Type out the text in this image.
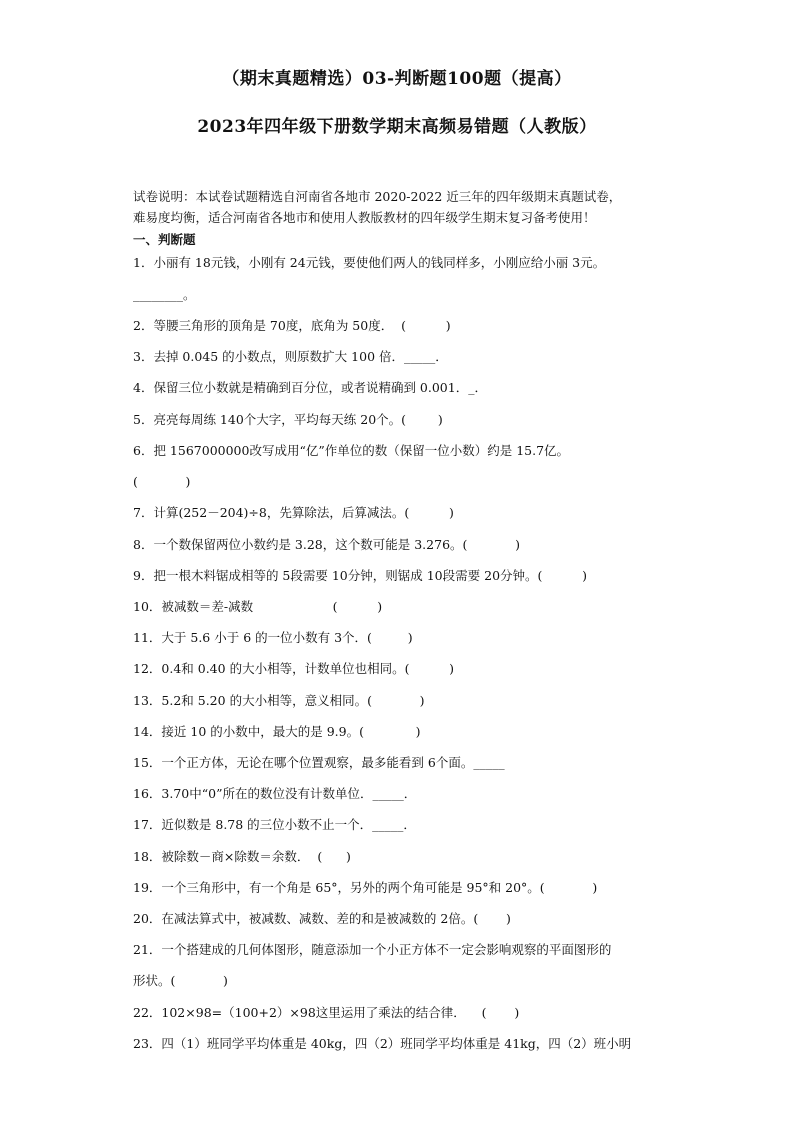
（期末真题精选）03-判断题100题（提高）
2023年四年级下册数学期末高频易错题（人教版）
试卷说明：本试卷试题精选自河南省各地市 2020-2022 近三年的四年级期末真题试卷，
难易度均衡，适合河南省各地市和使用人教版教材的四年级学生期末复习备考使用！
一、判断题
1．小丽有 18元钱，小刚有 24元钱，要使他们两人的钱同样多，小刚应给小丽 3元。
________。
2．等腰三角形的顶角是 70度，底角为 50度．  (          )
3．去掉 0.045 的小数点，则原数扩大 100 倍．_____．
4．保留三位小数就是精确到百分位，或者说精确到 0.001．_．
5．亮亮每周练 140个大字，平均每天练 20个。(        )
6．把 1567000000改写成用“亿”作单位的数（保留一位小数）约是 15.7亿。
(            )
7．计算(252－204)÷8，先算除法，后算减法。(          )
8．一个数保留两位小数约是 3.28，这个数可能是 3.276。(            )
9．把一根木料锯成相等的 5段需要 10分钟，则锯成 10段需要 20分钟。(          )
10．被减数＝差-减数                    (          )
11．大于 5.6 小于 6 的一位小数有 3个．(         )
12．0.4和 0.40 的大小相等，计数单位也相同。(          )
13．5.2和 5.20 的大小相等，意义相同。(            )
14．接近 10 的小数中，最大的是 9.9。(             )
15．一个正方体，无论在哪个位置观察，最多能看到 6个面。_____
16．3.70中“0”所在的数位没有计数单位．_____．
17．近似数是 8.78 的三位小数不止一个．_____．
18．被除数－商×除数＝余数．  (      )
19．一个三角形中，有一个角是 65°，另外的两个角可能是 95°和 20°。(            )
20．在减法算式中，被减数、减数、差的和是被减数的 2倍。(       )
21．一个搭建成的几何体图形，随意添加一个小正方体不一定会影响观察的平面图形的
形状。(            )
22．102×98=（100+2）×98这里运用了乘法的结合律．    (       )
23．四（1）班同学平均体重是 40kg，四（2）班同学平均体重是 41kg，四（2）班小明
